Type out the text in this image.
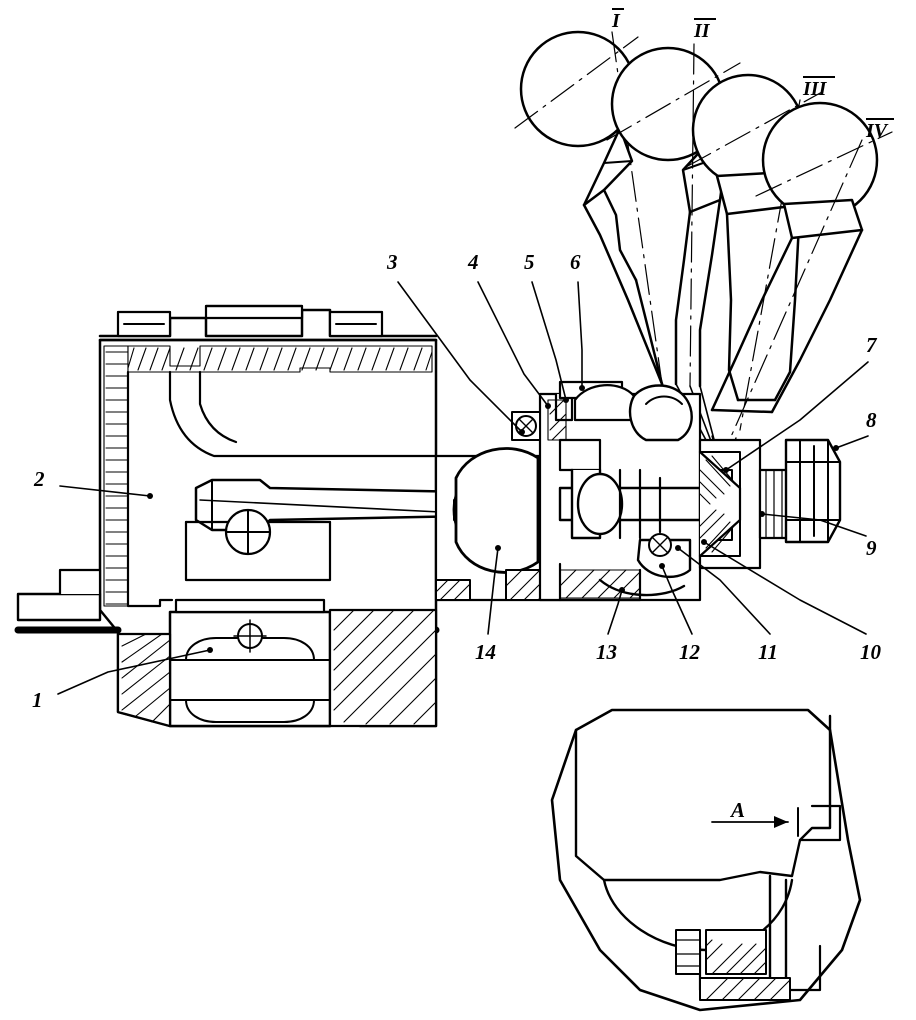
1
2
3	4 5 6
7
8
9
10
11
12
13
14
I	II
III
IV
A
